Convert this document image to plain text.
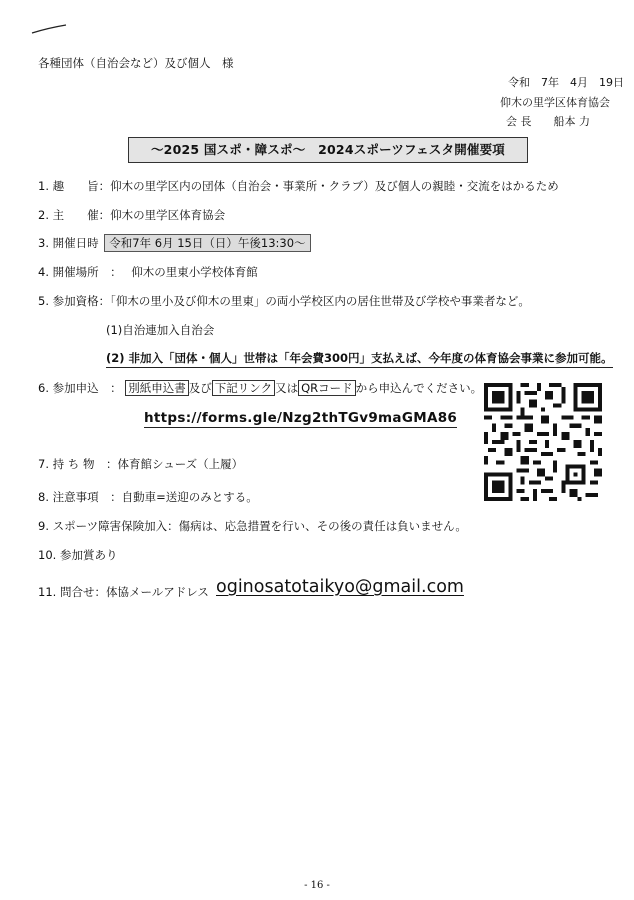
各種団体（自治会など）及び個人　様
令和　7年　4月　19日
仰木の里学区体育協会
会 長　　船本 力
～2025 国スポ・障スポ～　2024スポーツフェスタ開催要項
1. 趣　　旨：仰木の里学区内の団体（自治会・事業所・クラブ）及び個人の親睦・交流をはかるため
2. 主　　催：仰木の里学区体育協会
3. 開催日時 令和7年 6月 15日（日）午後13:30～
4. 開催場所　： 仰木の里東小学校体育館
5. 参加資格：「仰木の里小及び仰木の里東」の両小学校区内の居住世帯及び学校や事業者など。
(1)自治連加入自治会
(2) 非加入「団体・個人」世帯は「年会費300円」支払えば、今年度の体育協会事業に参加可能。
6. 参加申込　： 別紙申込書 及び 下記リンク 又は QRコード から申込んでください。
https://forms.gle/Nzg2thTGv9maGMA86
7. 持 ち 物　：体育館シューズ（上履）
8. 注意事項　：自動車=送迎のみとする。
9. スポーツ障害保険加入：傷病は、応急措置を行い、その後の責任は負いません。
10. 参加賞あり
11. 問合せ：体協メールアドレス oginosatotaikyo@gmail.com
- 16 -
